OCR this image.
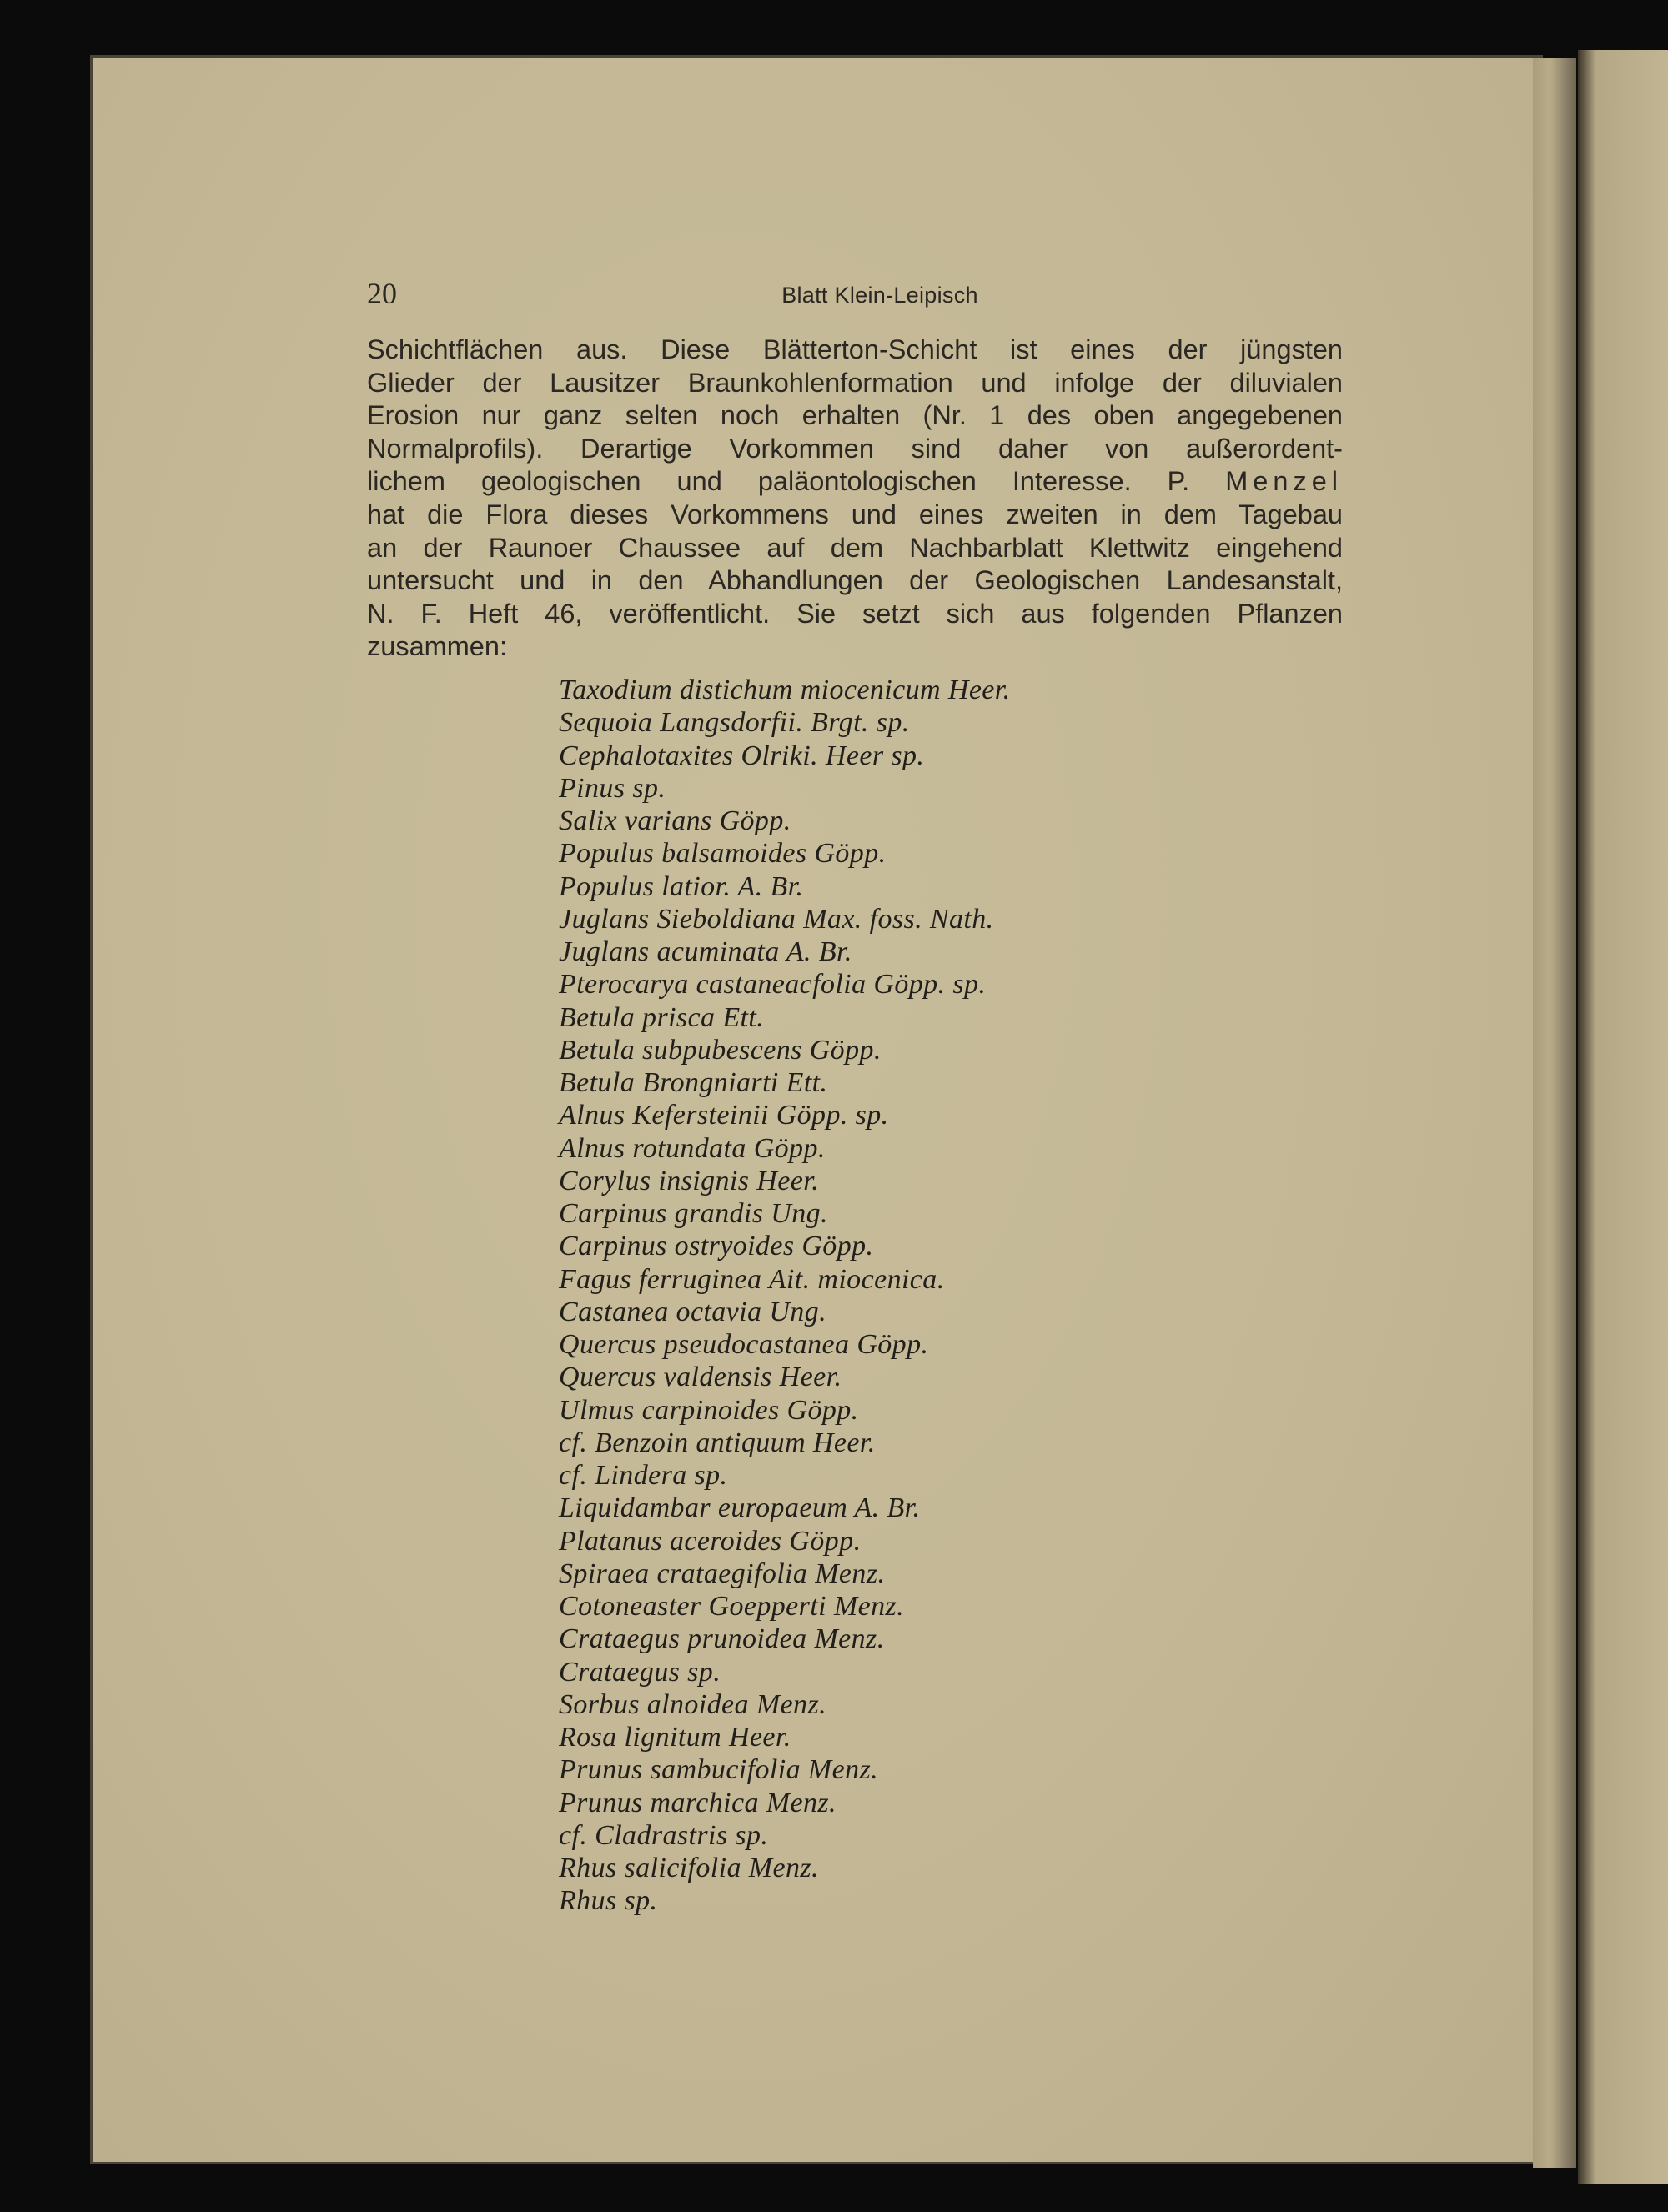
20	Blatt Klein-Leipisch
Schichtflächen aus. Diese Blätterton-Schicht ist eines der jüngsten
Glieder der Lausitzer Braunkohlenformation und infolge der diluvialen
Erosion nur ganz selten noch erhalten (Nr. 1 des oben angegebenen
Normalprofils). Derartige Vorkommen sind daher von außerordent-
lichem geologischen und paläontologischen Interesse. P. Menzel
hat die Flora dieses Vorkommens und eines zweiten in dem Tagebau
an der Raunoer Chaussee auf dem Nachbarblatt Klettwitz eingehend
untersucht und in den Abhandlungen der Geologischen Landesanstalt,
N. F. Heft 46, veröffentlicht. Sie setzt sich aus folgenden Pflanzen
zusammen:
Taxodium distichum miocenicum Heer.
Sequoia Langsdorfii. Brgt. sp.
Cephalotaxites Olriki. Heer sp.
Pinus sp.
Salix varians Göpp.
Populus balsamoides Göpp.
Populus latior. A. Br.
Juglans Sieboldiana Max. foss. Nath.
Juglans acuminata A. Br.
Pterocarya castaneacfolia Göpp. sp.
Betula prisca Ett.
Betula subpubescens Göpp.
Betula Brongniarti Ett.
Alnus Kefersteinii Göpp. sp.
Alnus rotundata Göpp.
Corylus insignis Heer.
Carpinus grandis Ung.
Carpinus ostryoides Göpp.
Fagus ferruginea Ait. miocenica.
Castanea octavia Ung.
Quercus pseudocastanea Göpp.
Quercus valdensis Heer.
Ulmus carpinoides Göpp.
cf. Benzoin antiquum Heer.
cf. Lindera sp.
Liquidambar europaeum A. Br.
Platanus aceroides Göpp.
Spiraea crataegifolia Menz.
Cotoneaster Goepperti Menz.
Crataegus prunoidea Menz.
Crataegus sp.
Sorbus alnoidea Menz.
Rosa lignitum Heer.
Prunus sambucifolia Menz.
Prunus marchica Menz.
cf. Cladrastris sp.
Rhus salicifolia Menz.
Rhus sp.
